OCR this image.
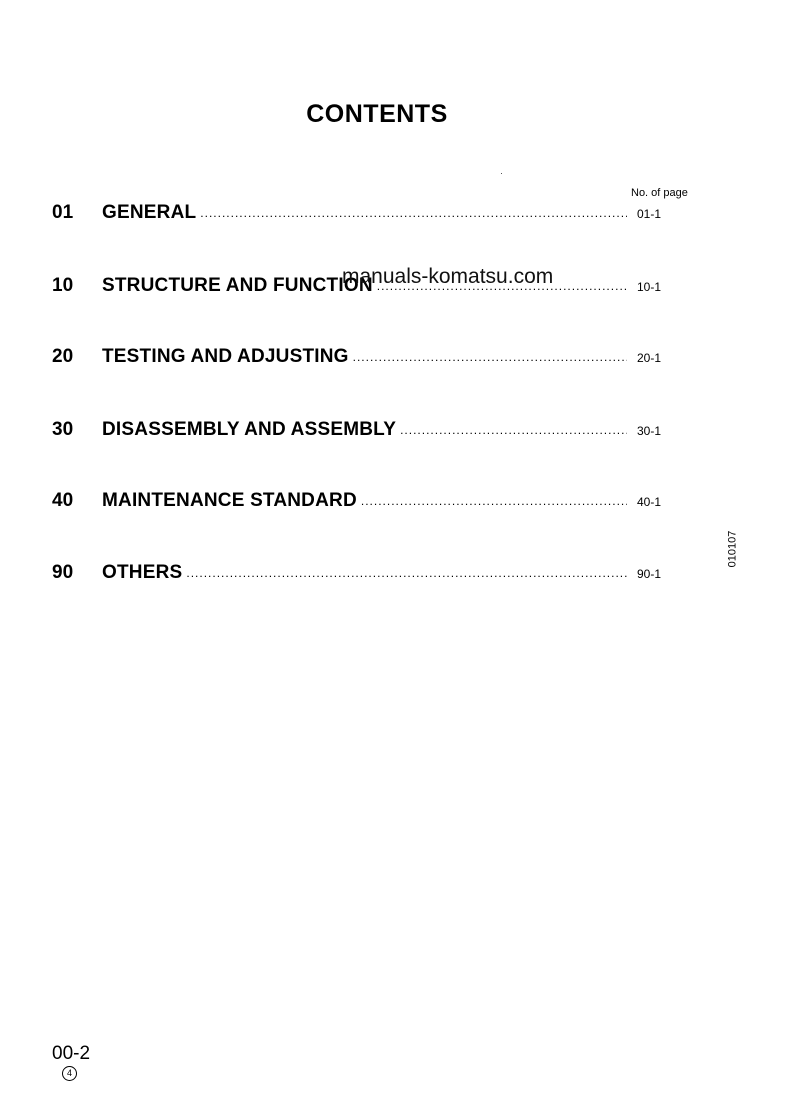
CONTENTS
No. of page
01	GENERAL .....	01-1
10	STRUCTURE AND FUNCTION .....	10-1
20	TESTING AND ADJUSTING .....	20-1
30	DISASSEMBLY AND ASSEMBLY .....	30-1
40	MAINTENANCE STANDARD .....	40-1
90	OTHERS .....	90-1
manuals-komatsu.com
010107
00-2
4
